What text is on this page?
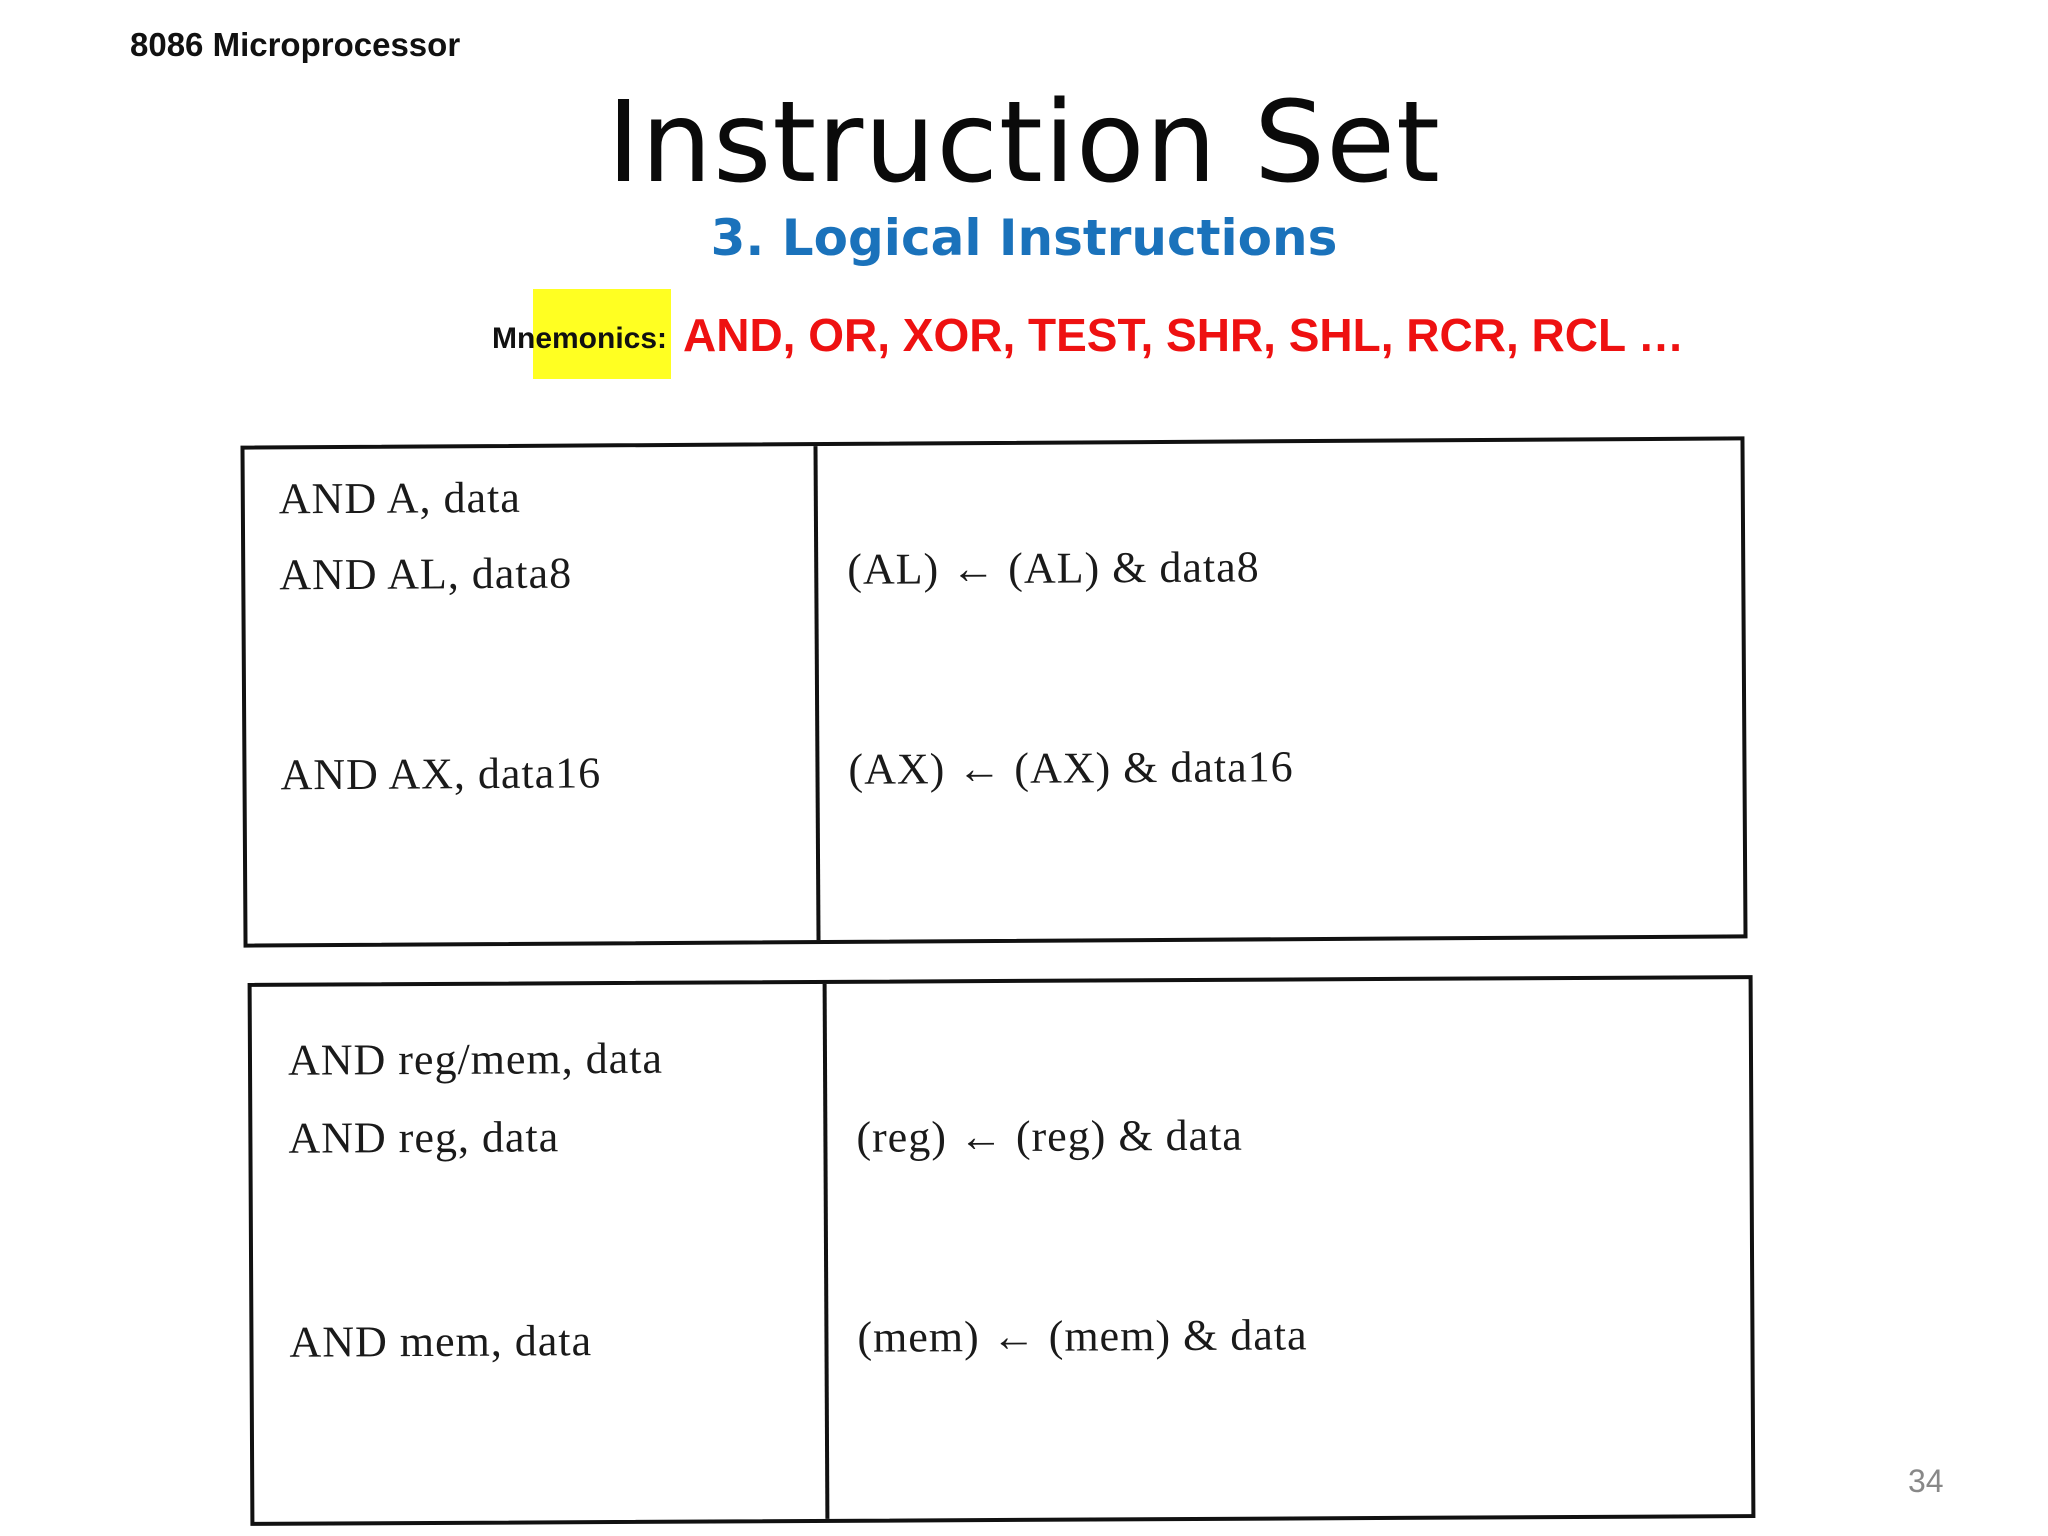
8086 Microprocessor
Instruction Set
3. Logical Instructions
Mnemonics: AND, OR, XOR, TEST, SHR, SHL, RCR, RCL …
AND A, data
AND AL, data8
AND AX, data16
(AL) ← (AL) & data8
(AX) ← (AX) & data16
AND reg/mem, data
AND reg, data
AND mem, data
(reg) ← (reg) & data
(mem) ← (mem) & data
34
